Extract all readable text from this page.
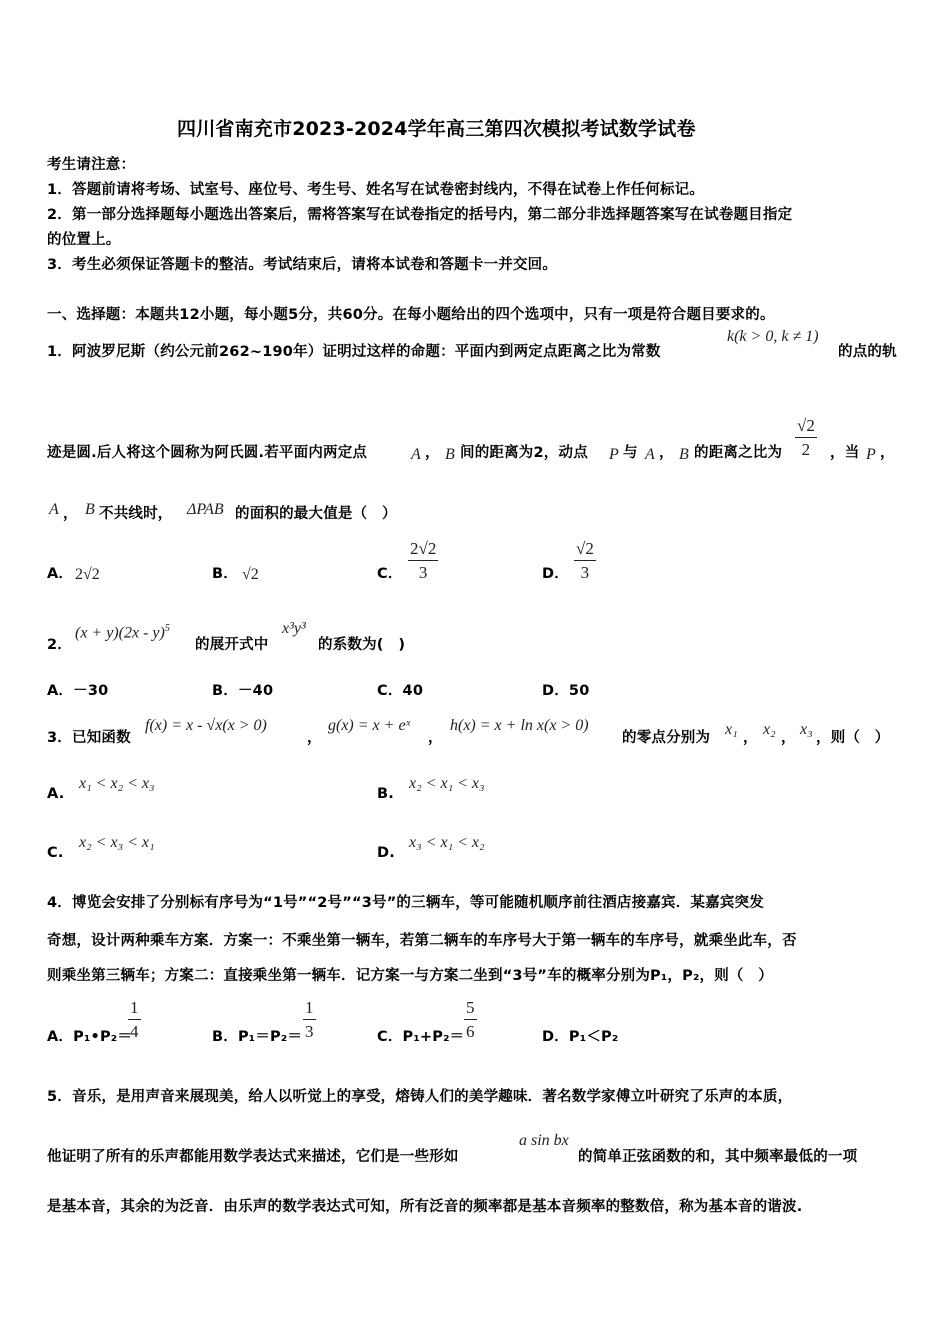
四川省南充市2023-2024学年高三第四次模拟考试数学试卷
考生请注意：
1．答题前请将考场、试室号、座位号、考生号、姓名写在试卷密封线内，不得在试卷上作任何标记。
2．第一部分选择题每小题选出答案后，需将答案写在试卷指定的括号内，第二部分非选择题答案写在试卷题目指定
的位置上。
3．考生必须保证答题卡的整洁。考试结束后，请将本试卷和答题卡一并交回。
一、选择题：本题共12小题，每小题5分，共60分。在每小题给出的四个选项中，只有一项是符合题目要求的。
1．阿波罗尼斯（约公元前262~190年）证明过这样的命题：平面内到两定点距离之比为常数
k(k > 0, k ≠ 1)
的点的轨
迹是圆.后人将这个圆称为阿氏圆.若平面内两定点	A ， B 间的距离为2，动点 P 与 A ， B 的距离之比为
√2
2 ，当 P ，
A ， B 不共线时， ΔPAB 的面积的最大值是（　）
A． 2√2	B． √2	C．
2√2
3	D．
√2
3
2．
(x + y)(2x - y)$^5$
的展开式中
x³y³
的系数为(　)
A．－30	B．－40	C．40	D．50
3．已知函数
f(x) = x - √x(x > 0)
，
g(x) = x + eˣ
，
h(x) = x + ln x(x > 0)
的零点分别为 x₁ ， x₂ ， x₃ ，则（　）
A.
x₁ < x₂ < x₃
B.
x₂ < x₁ < x₃
C.
x₂ < x₃ < x₁
D.
x₃ < x₁ < x₂
4．博览会安排了分别标有序号为“1号”“2号”“3号”的三辆车，等可能随机顺序前往酒店接嘉宾．某嘉宾突发
奇想，设计两种乘车方案．方案一：不乘坐第一辆车，若第二辆车的车序号大于第一辆车的车序号，就乘坐此车，否
则乘坐第三辆车；方案二：直接乘坐第一辆车．记方案一与方案二坐到“3号”车的概率分别为P₁，P₂，则（　）
A．P₁•P₂＝
1
4	B．P₁＝P₂＝
1
3	C．P₁+P₂＝
5
6	D．P₁＜P₂
5．音乐，是用声音来展现美，给人以听觉上的享受，熔铸人们的美学趣味．著名数学家傅立叶研究了乐声的本质，
他证明了所有的乐声都能用数学表达式来描述，它们是一些形如
a sin bx
的简单正弦函数的和，其中频率最低的一项
是基本音，其余的为泛音．由乐声的数学表达式可知，所有泛音的频率都是基本音频率的整数倍，称为基本音的谐波.
